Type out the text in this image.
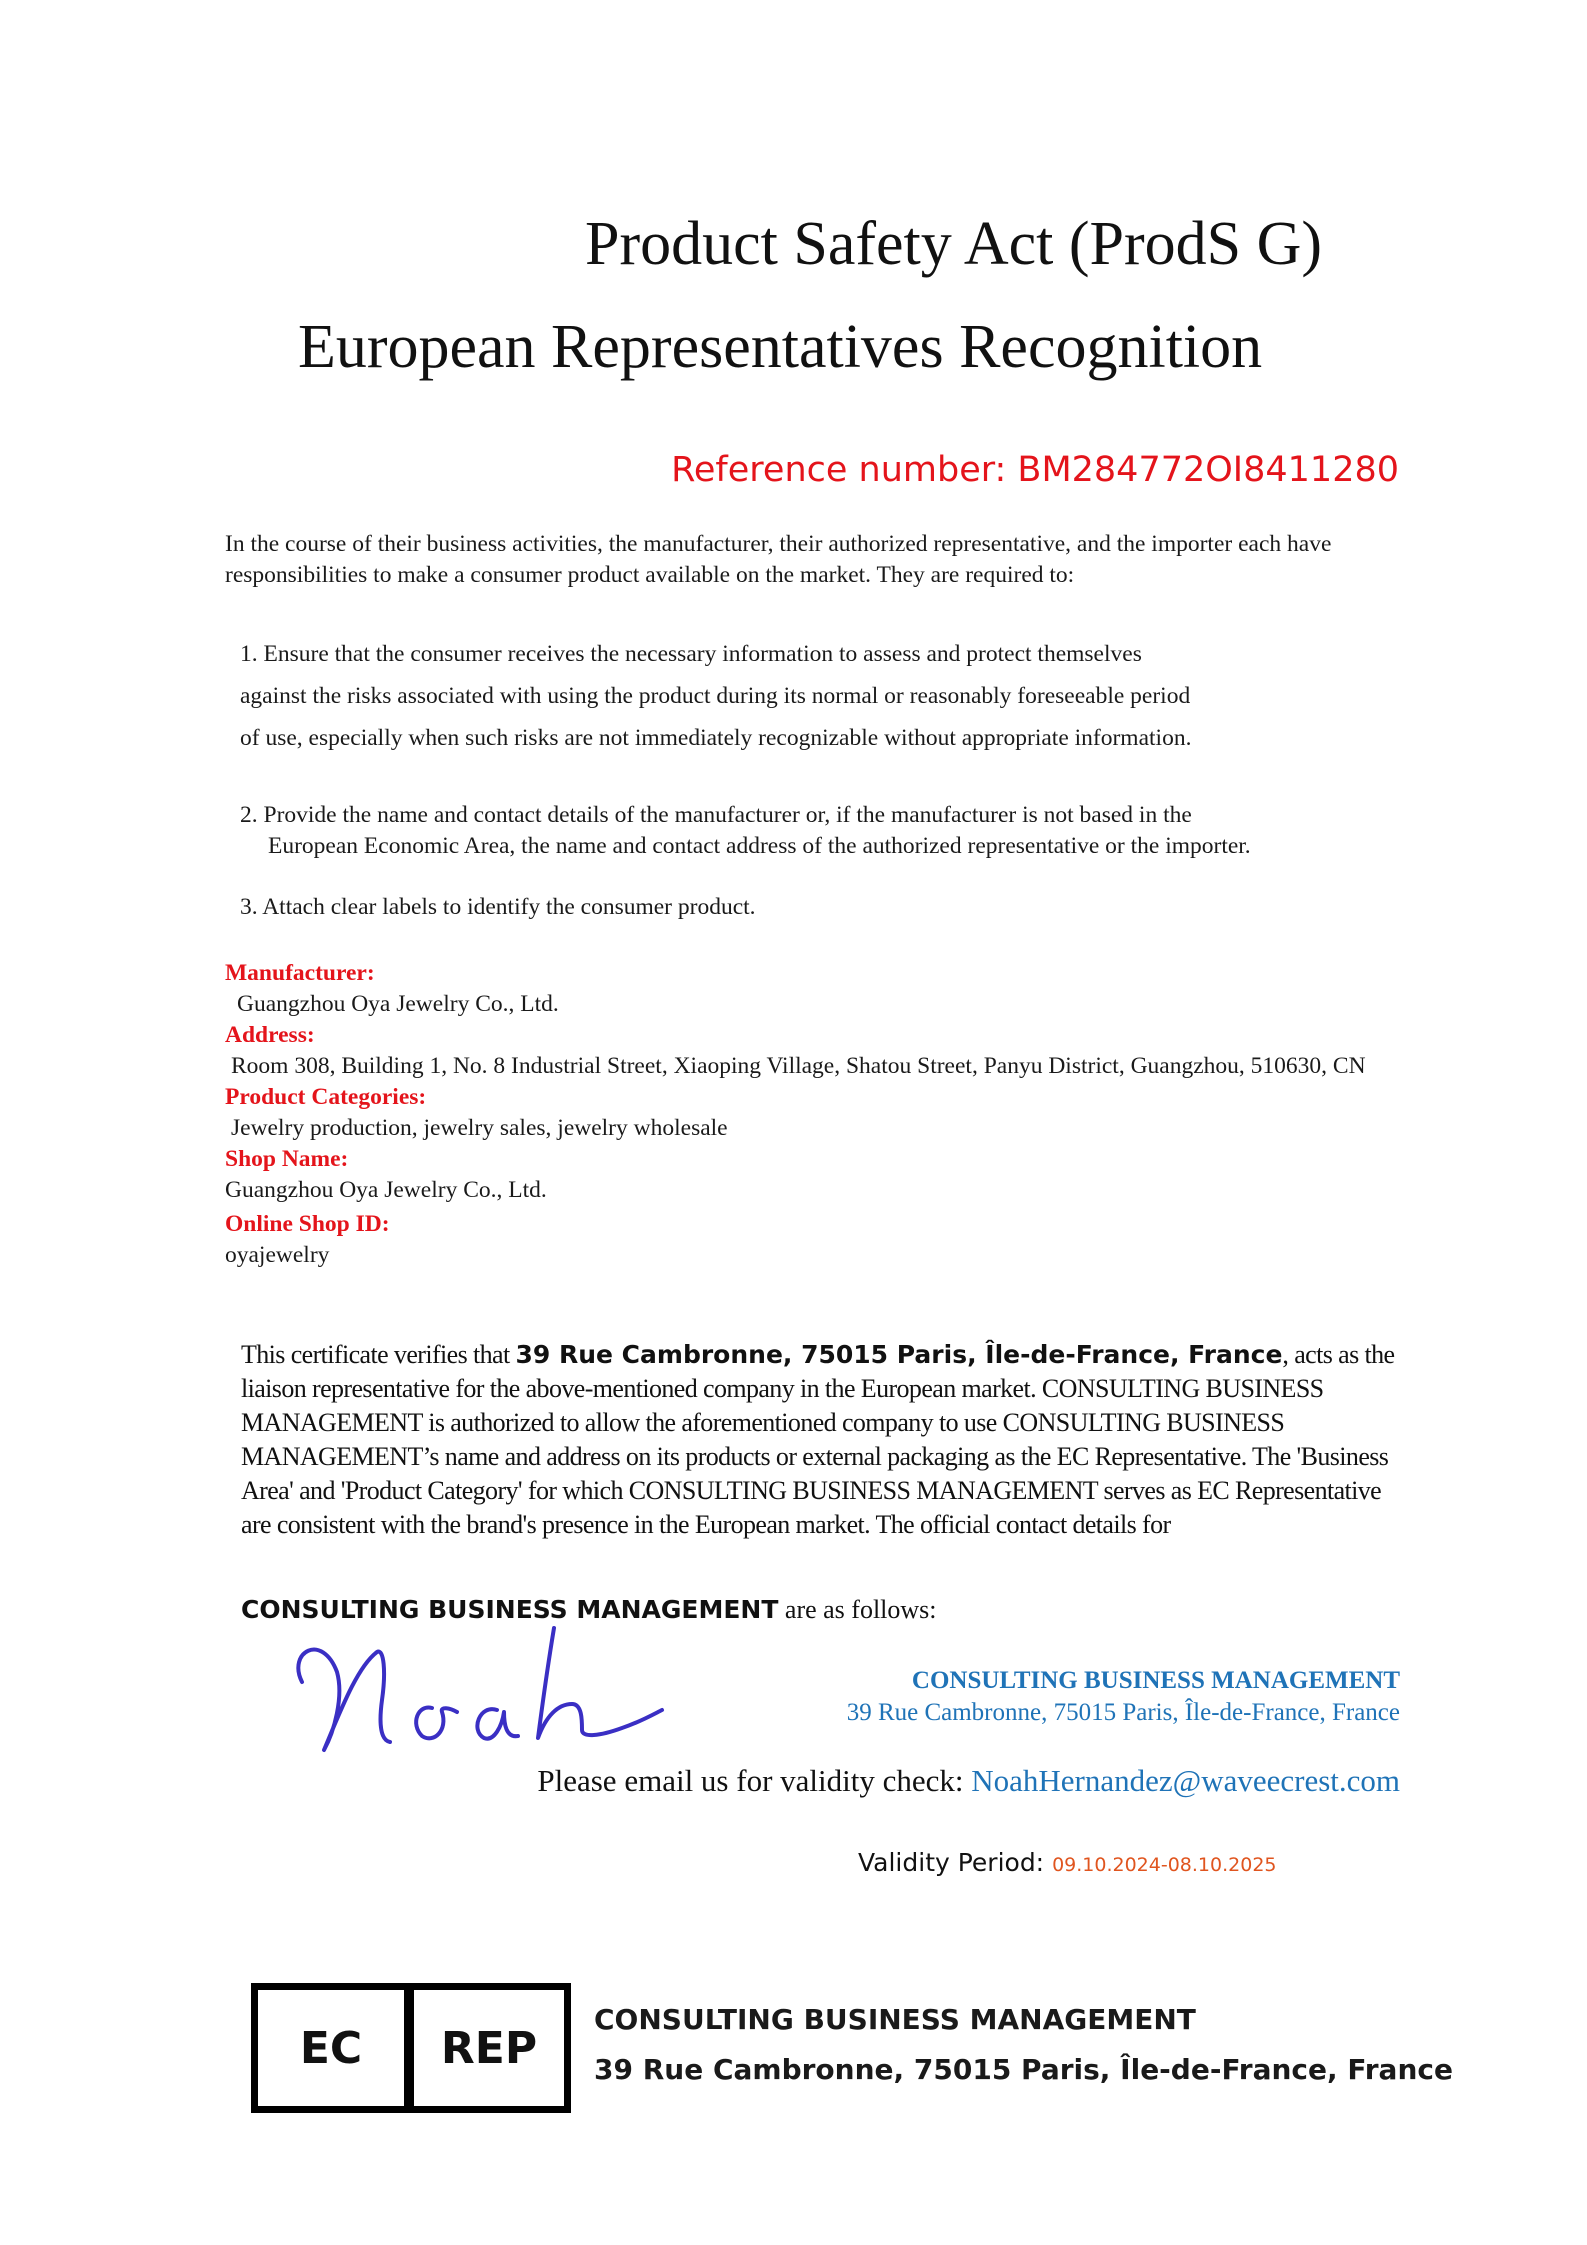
Product Safety Act (ProdS G)
European Representatives Recognition
Reference number: BM284772OI8411280
In the course of their business activities, the manufacturer, their authorized representative, and the importer each have responsibilities to make a consumer product available on the market. They are required to:
1. Ensure that the consumer receives the necessary information to assess and protect themselves
against the risks associated with using the product during its normal or reasonably foreseeable period
of use, especially when such risks are not immediately recognizable without appropriate information.
2. Provide the name and contact details of the manufacturer or, if the manufacturer is not based in the
European Economic Area, the name and contact address of the authorized representative or the importer.
3. Attach clear labels to identify the consumer product.
Manufacturer:
Guangzhou Oya Jewelry Co., Ltd.
Address:
Room 308, Building 1, No. 8 Industrial Street, Xiaoping Village, Shatou Street, Panyu District, Guangzhou, 510630, CN
Product Categories:
Jewelry production, jewelry sales, jewelry wholesale
Shop Name:
Guangzhou Oya Jewelry Co., Ltd.
Online Shop ID:
oyajewelry
This certificate verifies that 39 Rue Cambronne, 75015 Paris, Île-de-France, France, acts as the liaison representative for the above-mentioned company in the European market. CONSULTING BUSINESS MANAGEMENT is authorized to allow the aforementioned company to use CONSULTING BUSINESS MANAGEMENT’s name and address on its products or external packaging as the EC Representative. The 'Business Area' and 'Product Category' for which CONSULTING BUSINESS MANAGEMENT serves as EC Representative are consistent with the brand's presence in the European market. The official contact details for
CONSULTING BUSINESS MANAGEMENT are as follows:
CONSULTING BUSINESS MANAGEMENT
39 Rue Cambronne, 75015 Paris, Île-de-France, France
Please email us for validity check: NoahHernandez@waveecrest.com
Validity Period: 09.10.2024-08.10.2025
EC	REP
CONSULTING BUSINESS MANAGEMENT
39 Rue Cambronne, 75015 Paris, Île-de-France, France
